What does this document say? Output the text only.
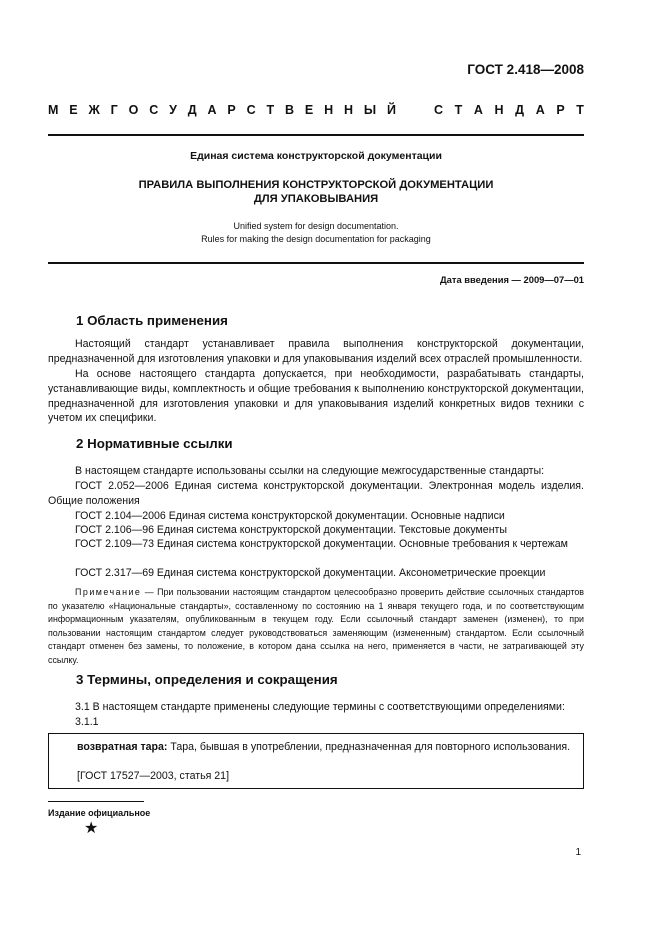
ГОСТ 2.418—2008
М Е Ж Г О С У Д А Р С Т В Е Н Н Ы Й	С Т А Н Д А Р Т
Единая система конструкторской документации
ПРАВИЛА ВЫПОЛНЕНИЯ КОНСТРУКТОРСКОЙ ДОКУМЕНТАЦИИ
ДЛЯ УПАКОВЫВАНИЯ
Unified system for design documentation.
Rules for making the design documentation for packaging
Дата введения — 2009—07—01
1 Область применения

Настоящий стандарт устанавливает правила выполнения конструкторской документации, предназначенной для изготовления упаковки и для упаковывания изделий всех отраслей промышленности.

На основе настоящего стандарта допускается, при необходимости, разрабатывать стандарты, устанавливающие виды, комплектность и общие требования к выполнению конструкторской документации, предназначенной для изготовления упаковки и для упаковывания изделий конкретных видов техники с учетом их специфики.

2 Нормативные ссылки

В настоящем стандарте использованы ссылки на следующие межгосударственные стандарты:

ГОСТ 2.052—2006 Единая система конструкторской документации. Электронная модель изделия. Общие положения

ГОСТ 2.104—2006 Единая система конструкторской документации. Основные надписи

ГОСТ 2.106—96 Единая система конструкторской документации. Текстовые документы

ГОСТ 2.109—73 Единая система конструкторской документации. Основные требования к чертежам

ГОСТ 2.317—69 Единая система конструкторской документации. Аксонометрические проекции

Примечание — При пользовании настоящим стандартом целесообразно проверить действие ссылочных стандартов по указателю «Национальные стандарты», составленному по состоянию на 1 января текущего года, и по соответствующим информационным указателям, опубликованным в текущем году. Если ссылочный стандарт заменен (изменен), то при пользовании настоящим стандартом следует руководствоваться заменяющим (измененным) стандартом. Если ссылочный стандарт отменен без замены, то положение, в котором дана ссылка на него, применяется в части, не затрагивающей эту ссылку.

3 Термины, определения и сокращения

3.1 В настоящем стандарте применены следующие термины с соответствующими определениями:

3.1.1

возвратная тара: Тара, бывшая в употреблении, предназначенная для повторного использования.

[ГОСТ 17527—2003, статья 21]

Издание официальное
★
1
